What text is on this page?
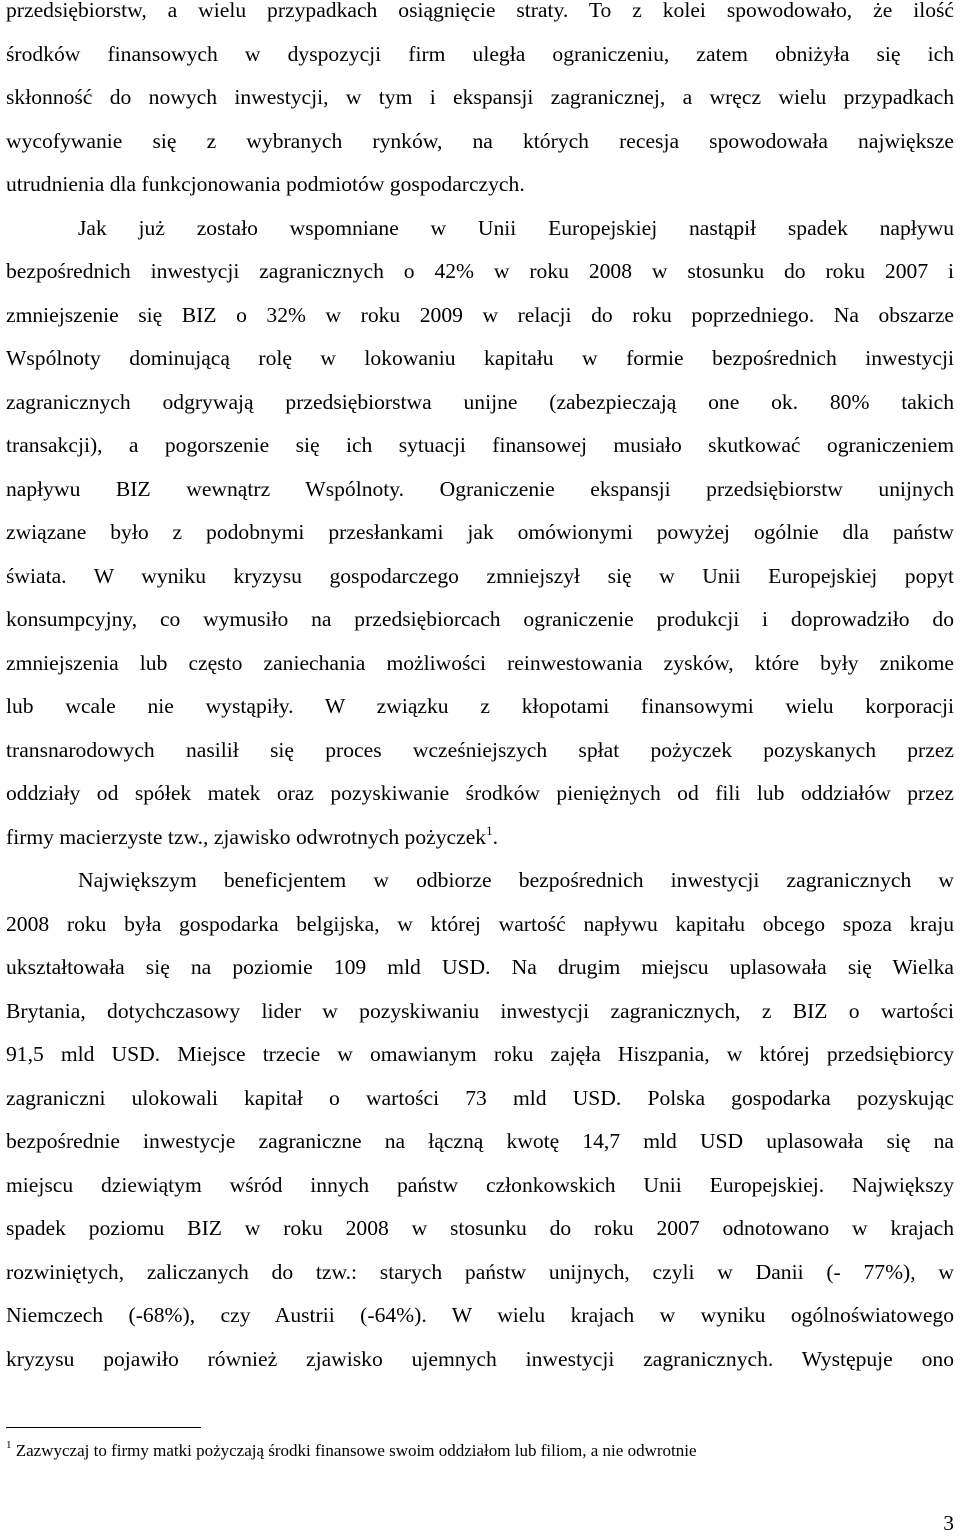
przedsiębiorstw, a wielu przypadkach osiągnięcie straty. To z kolei spowodowało, że ilość
środków finansowych w dyspozycji firm uległa ograniczeniu, zatem obniżyła się ich
skłonność do nowych inwestycji, w tym i ekspansji zagranicznej, a wręcz wielu przypadkach
wycofywanie się z wybranych rynków, na których recesja spowodowała największe
utrudnienia dla funkcjonowania podmiotów gospodarczych.
Jak już zostało wspomniane w Unii Europejskiej nastąpił spadek napływu
bezpośrednich inwestycji zagranicznych o 42% w roku 2008 w stosunku do roku 2007 i
zmniejszenie się BIZ o 32% w roku 2009 w relacji do roku poprzedniego. Na obszarze
Wspólnoty dominującą rolę w lokowaniu kapitału w formie bezpośrednich inwestycji
zagranicznych odgrywają przedsiębiorstwa unijne (zabezpieczają one ok. 80% takich
transakcji), a pogorszenie się ich sytuacji finansowej musiało skutkować ograniczeniem
napływu BIZ wewnątrz Wspólnoty. Ograniczenie ekspansji przedsiębiorstw unijnych
związane było z podobnymi przesłankami jak omówionymi powyżej ogólnie dla państw
świata. W wyniku kryzysu gospodarczego zmniejszył się w Unii Europejskiej popyt
konsumpcyjny, co wymusiło na przedsiębiorcach ograniczenie produkcji i doprowadziło do
zmniejszenia lub często zaniechania możliwości reinwestowania zysków, które były znikome
lub wcale nie wystąpiły. W związku z kłopotami finansowymi wielu korporacji
transnarodowych nasilił się proces wcześniejszych spłat pożyczek pozyskanych przez
oddziały od spółek matek oraz pozyskiwanie środków pieniężnych od fili lub oddziałów przez
firmy macierzyste tzw., zjawisko odwrotnych pożyczek$^1$.
Największym beneficjentem w odbiorze bezpośrednich inwestycji zagranicznych w
2008 roku była gospodarka belgijska, w której wartość napływu kapitału obcego spoza kraju
ukształtowała się na poziomie 109 mld USD. Na drugim miejscu uplasowała się Wielka
Brytania, dotychczasowy lider w pozyskiwaniu inwestycji zagranicznych, z BIZ o wartości
91,5 mld USD. Miejsce trzecie w omawianym roku zajęła Hiszpania, w której przedsiębiorcy
zagraniczni ulokowali kapitał o wartości 73 mld USD. Polska gospodarka pozyskując
bezpośrednie inwestycje zagraniczne na łączną kwotę 14,7 mld USD uplasowała się na
miejscu dziewiątym wśród innych państw członkowskich Unii Europejskiej. Największy
spadek poziomu BIZ w roku 2008 w stosunku do roku 2007 odnotowano w krajach
rozwiniętych, zaliczanych do tzw.: starych państw unijnych, czyli w Danii (- 77%), w
Niemczech (-68%), czy Austrii (-64%). W wielu krajach w wyniku ogólnoświatowego
kryzysu pojawiło również zjawisko ujemnych inwestycji zagranicznych. Występuje ono
$^1$ Zazwyczaj to firmy matki pożyczają środki finansowe swoim oddziałom lub filiom, a nie odwrotnie
3
